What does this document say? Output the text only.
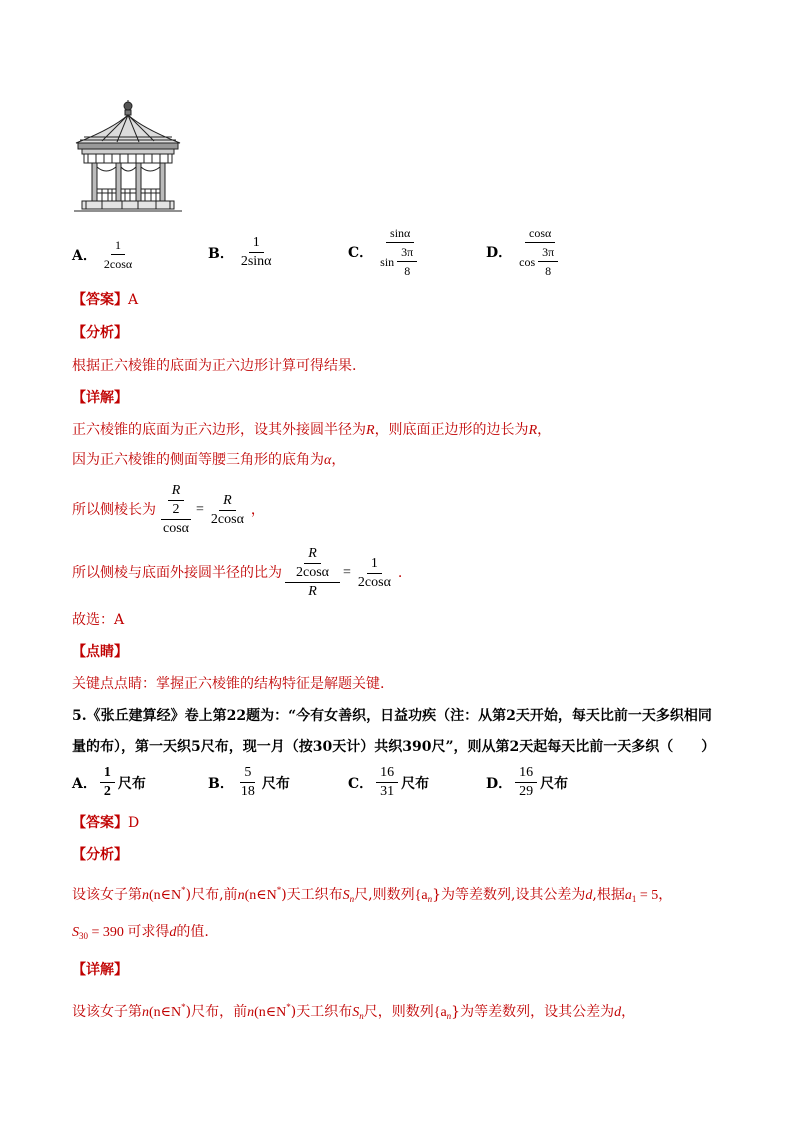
A． $\frac{1}{2\cos\alpha}$	B． $\frac{1}{2\sin\alpha}$	C． $\frac{\sin\alpha}{\sin \frac{3\pi}{8}}$	D． $\frac{\cos\alpha}{\cos \frac{3\pi}{8}}$
【答案】A
【分析】
根据正六棱锥的底面为正六边形计算可得结果.
【详解】
正六棱锥的底面为正六边形，设其外接圆半径为R，则底面正边形的边长为R，
因为正六棱锥的侧面等腰三角形的底角为α，
所以侧棱长为 $\frac{\frac{R}{2}}{\cos\alpha} = \frac{R}{2\cos\alpha}$ ，
所以侧棱与底面外接圆半径的比为 $\frac{\frac{R}{2\cos\alpha}}{R} = \frac{1}{2\cos\alpha}$ .
故选：A
【点睛】
关键点点睛：掌握正六棱锥的结构特征是解题关键.
5.《张丘建算经》卷上第22题为：“今有女善织，日益功疾（注：从第2天开始，每天比前一天多织相同
量的布），第一天织5尺布，现一月（按30天计）共织390尺”，则从第2天起每天比前一天多织（　　）
A． $\frac{1}{2}$ 尺布	B． $\frac{5}{18}$ 尺布	C． $\frac{16}{31}$ 尺布	D． $\frac{16}{29}$ 尺布
【答案】D
【分析】
设该女子第n(n∈N*)尺布,前n(n∈N*)天工织布$S_n$尺,则数列$\{a_n\}$为等差数列,设其公差为d,根据$a_1 = 5$，
$S_{30} = 390$ 可求得d的值.
【详解】
设该女子第n(n∈N*)尺布，前n(n∈N*)天工织布$S_n$尺，则数列$\{a_n\}$为等差数列，设其公差为d，
